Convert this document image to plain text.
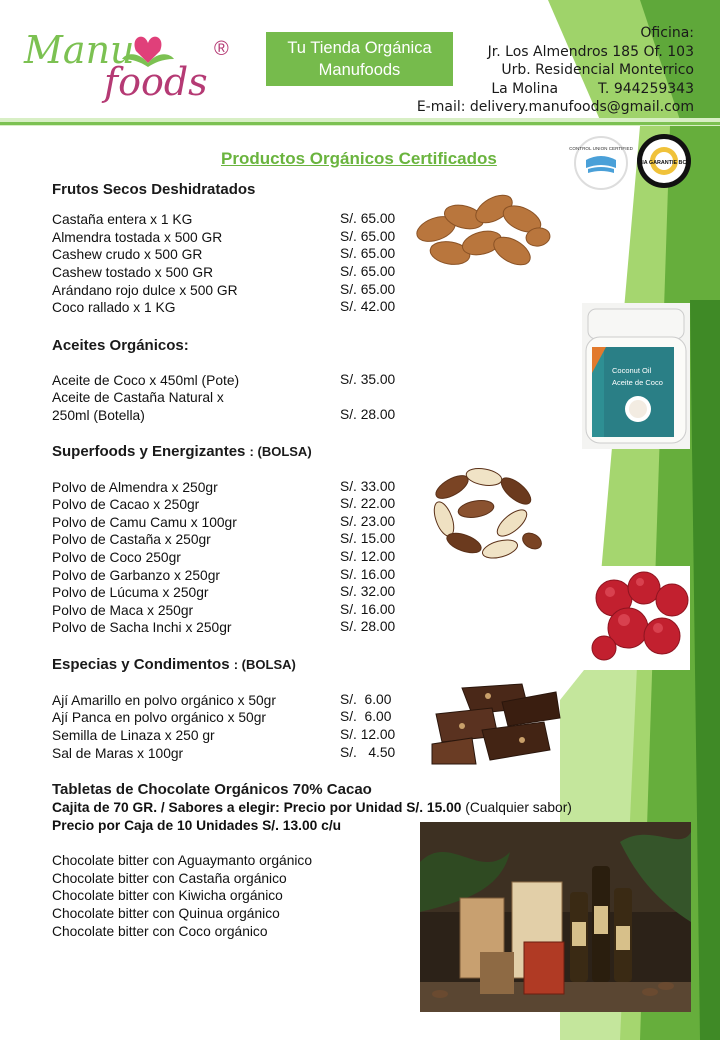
Manu
foods
®	Tu Tienda Orgánica
Manufoods
Oficina:
Jr. Los Almendros 185 Of. 103
Urb. Residencial Monterrico
La Molina	T. 944259343
E-mail: delivery.manufoods@gmail.com
Productos Orgánicos Certificados
CONTROL UNION CERTIFIED
OIA GARANTIE BCS
Frutos Secos Deshidratados
Castaña entera x 1 KG	S/. 65.00
Almendra tostada x 500 GR	S/. 65.00
Cashew crudo x 500 GR	S/. 65.00
Cashew tostado x 500 GR	S/. 65.00
Arándano rojo dulce x 500 GR	S/. 65.00
Coco rallado x 1 KG	S/. 42.00
Aceites Orgánicos:
Aceite de Coco x 450ml (Pote)	S/. 35.00
Aceite de Castaña Natural x
250ml (Botella)	S/. 28.00
Coconut Oil
Aceite de Coco
Superfoods y Energizantes : (BOLSA)
Polvo de Almendra x 250gr	S/. 33.00
Polvo de Cacao x 250gr	S/. 22.00
Polvo de Camu Camu x 100gr	S/. 23.00
Polvo de Castaña x 250gr	S/. 15.00
Polvo de Coco 250gr	S/. 12.00
Polvo de Garbanzo x 250gr	S/. 16.00
Polvo de Lúcuma x 250gr	S/. 32.00
Polvo de Maca x 250gr	S/. 16.00
Polvo de Sacha Inchi x 250gr	S/. 28.00
Especias y Condimentos : (BOLSA)
Ají Amarillo en polvo orgánico x 50gr	S/.  6.00
Ají Panca en polvo orgánico x 50gr	S/.  6.00
Semilla de Linaza x 250 gr	S/. 12.00
Sal de Maras x 100gr	S/.   4.50
Tabletas de Chocolate Orgánicos 70% Cacao
Cajita de 70 GR. / Sabores a elegir: Precio por Unidad S/. 15.00 (Cualquier sabor)
Precio por Caja de 10 Unidades S/. 13.00 c/u
Chocolate bitter con Aguaymanto orgánico
Chocolate bitter con Castaña orgánico
Chocolate bitter con Kiwicha orgánico
Chocolate bitter con Quinua orgánico
Chocolate bitter con Coco orgánico
